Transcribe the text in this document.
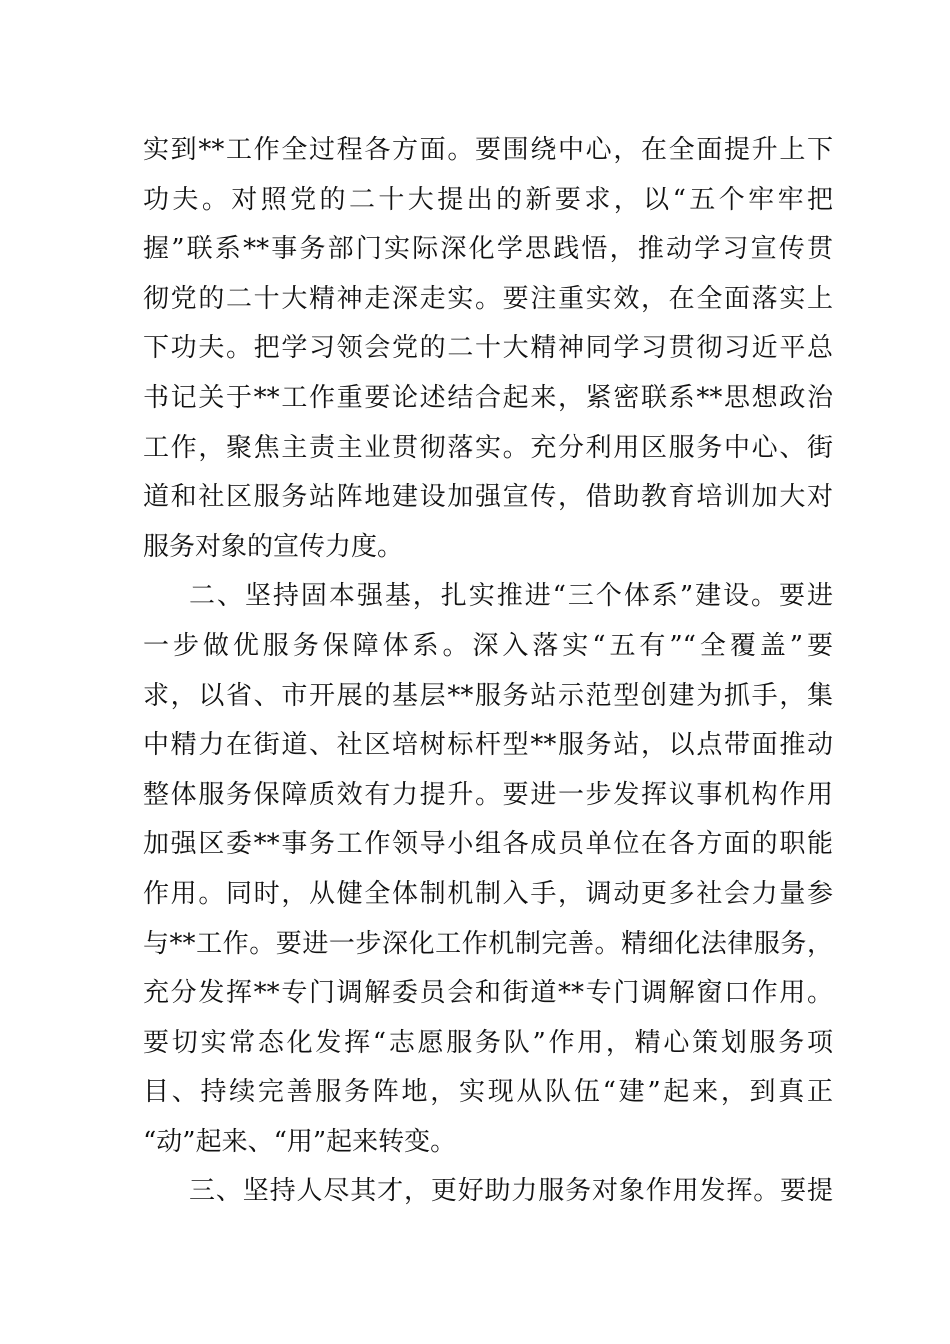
实到**工作全过程各方面。要围绕中心，在全面提升上下
功夫。对照党的二十大提出的新要求，以“五个牢牢把
握”联系**事务部门实际深化学思践悟，推动学习宣传贯
彻党的二十大精神走深走实。要注重实效，在全面落实上
下功夫。把学习领会党的二十大精神同学习贯彻习近平总
书记关于**工作重要论述结合起来，紧密联系**思想政治
工作，聚焦主责主业贯彻落实。充分利用区服务中心、街
道和社区服务站阵地建设加强宣传，借助教育培训加大对
服务对象的宣传力度。
二、坚持固本强基，扎实推进“三个体系”建设。要进
一步做优服务保障体系。深入落实“五有”“全覆盖”要
求，以省、市开展的基层**服务站示范型创建为抓手，集
中精力在街道、社区培树标杆型**服务站，以点带面推动
整体服务保障质效有力提升。要进一步发挥议事机构作用
加强区委**事务工作领导小组各成员单位在各方面的职能
作用。同时，从健全体制机制入手，调动更多社会力量参
与**工作。要进一步深化工作机制完善。精细化法律服务，
充分发挥**专门调解委员会和街道**专门调解窗口作用。
要切实常态化发挥“志愿服务队”作用，精心策划服务项
目、持续完善服务阵地，实现从队伍“建”起来，到真正
“动”起来、“用”起来转变。
三、坚持人尽其才，更好助力服务对象作用发挥。要提
